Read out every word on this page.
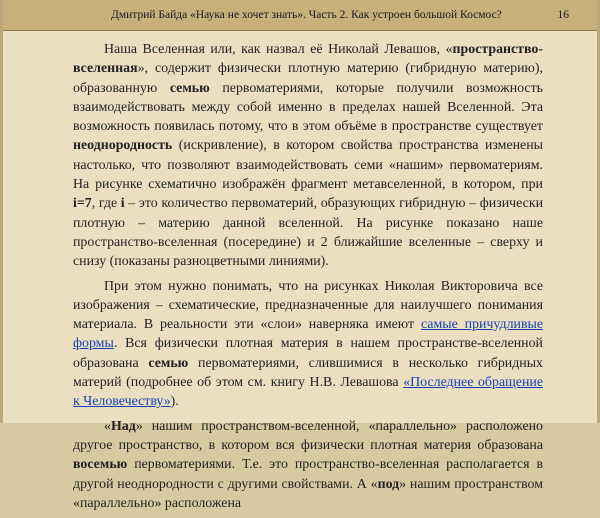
Дмитрий Байда «Наука не хочет знать». Часть 2. Как устроен большой Космос?	16

Наша Вселенная или, как назвал её Николай Левашов, «пространство-вселенная», содержит физически плотную материю (гибридную материю), образованную семью первоматериями, которые получили возможность взаимодействовать между собой именно в пределах нашей Вселенной. Эта возможность появилась потому, что в этом объёме в пространстве существует неоднородность (искривление), в котором свойства пространства изменены настолько, что позволяют взаимодействовать семи «нашим» первоматериям. На рисунке схематично изображён фрагмент метавселенной, в котором, при i=7, где i – это количество первоматерий, образующих гибридную – физически плотную – материю данной вселенной. На рисунке показано наше пространство-вселенная (посередине) и 2 ближайшие вселенные – сверху и снизу (показаны разноцветными линиями).

При этом нужно понимать, что на рисунках Николая Викторовича все изображения – схематические, предназначенные для наилучшего понимания материала. В реальности эти «слои» наверняка имеют самые причудливые формы. Вся физически плотная материя в нашем пространстве-вселенной образована семью первоматериями, слившимися в несколько гибридных материй (подробнее об этом см. книгу Н.В. Левашова «Последнее обращение к Человечеству»).

«Над» нашим пространством-вселенной, «параллельно» расположено другое пространство, в котором вся физически плотная материя образована восемью первоматериями. Т.е. это пространство-вселенная располагается в другой неоднородности с другими свойствами. А «под» нашим пространством «параллельно» расположена
